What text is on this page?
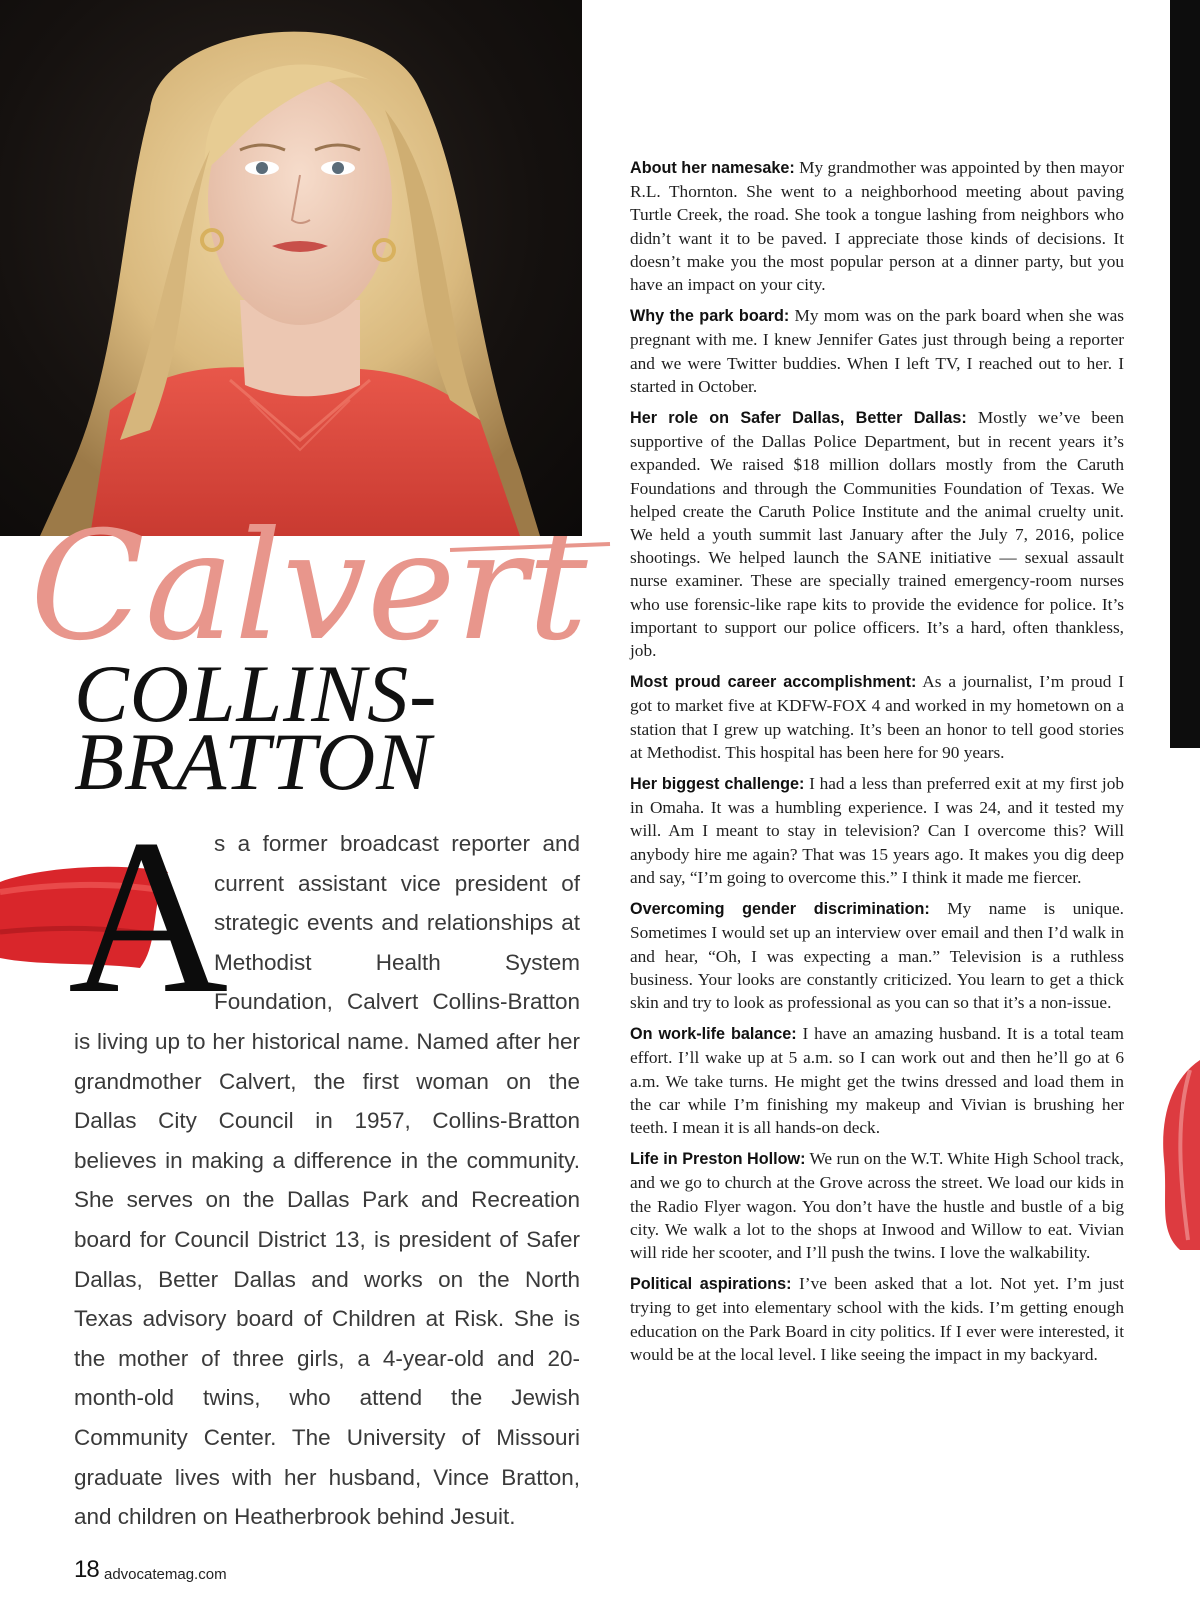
Calvert
COLLINS-
BRATTON
A
s a former broadcast reporter and current assistant vice president of strategic events and relationships at Methodist Health System Foundation, Calvert Collins-Bratton is living up to her historical name. Named after her grandmother Calvert, the first woman on the Dallas City Council in 1957, Collins-Bratton believes in making a difference in the community. She serves on the Dallas Park and Recreation board for Council District 13, is president of Safer Dallas, Better Dallas and works on the North Texas advisory board of Children at Risk. She is the mother of three girls, a 4-year-old and 20-month-old twins, who attend the Jewish Community Center. The University of Missouri graduate lives with her husband, Vince Bratton, and children on Heatherbrook behind Jesuit.

About her namesake: My grandmother was appointed by then mayor R.L. Thornton. She went to a neighborhood meeting about paving Turtle Creek, the road. She took a tongue lashing from neighbors who didn’t want it to be paved. I appreciate those kinds of decisions. It doesn’t make you the most popular person at a dinner party, but you have an impact on your city.

Why the park board: My mom was on the park board when she was pregnant with me. I knew Jennifer Gates just through being a reporter and we were Twitter buddies. When I left TV, I reached out to her. I started in October.

Her role on Safer Dallas, Better Dallas: Mostly we’ve been supportive of the Dallas Police Department, but in recent years it’s expanded. We raised $18 million dollars mostly from the Caruth Foundations and through the Communities Foundation of Texas. We helped create the Caruth Police Institute and the animal cruelty unit. We held a youth summit last January after the July 7, 2016, police shootings. We helped launch the SANE initiative — sexual assault nurse examiner. These are specially trained emergency-room nurses who use forensic-like rape kits to provide the evidence for police. It’s important to support our police officers. It’s a hard, often thankless, job.

Most proud career accomplishment: As a journalist, I’m proud I got to market five at KDFW-FOX 4 and worked in my hometown on a station that I grew up watching. It’s been an honor to tell good stories at Methodist. This hospital has been here for 90 years.

Her biggest challenge: I had a less than preferred exit at my first job in Omaha. It was a humbling experience. I was 24, and it tested my will. Am I meant to stay in television? Can I overcome this? Will anybody hire me again? That was 15 years ago. It makes you dig deep and say, “I’m going to overcome this.” I think it made me fiercer.

Overcoming gender discrimination: My name is unique. Sometimes I would set up an interview over email and then I’d walk in and hear, “Oh, I was expecting a man.” Television is a ruthless business. Your looks are constantly criticized. You learn to get a thick skin and try to look as professional as you can so that it’s a non-issue.

On work-life balance: I have an amazing husband. It is a total team effort. I’ll wake up at 5 a.m. so I can work out and then he’ll go at 6 a.m. We take turns. He might get the twins dressed and load them in the car while I’m finishing my makeup and Vivian is brushing her teeth. I mean it is all hands-on deck.

Life in Preston Hollow: We run on the W.T. White High School track, and we go to church at the Grove across the street. We load our kids in the Radio Flyer wagon. You don’t have the hustle and bustle of a big city. We walk a lot to the shops at Inwood and Willow to eat. Vivian will ride her scooter, and I’ll push the twins. I love the walkability.

Political aspirations: I’ve been asked that a lot. Not yet. I’m just trying to get into elementary school with the kids. I’m getting enough education on the Park Board in city politics. If I ever were interested, it would be at the local level. I like seeing the impact in my backyard.

18 advocatemag.com
